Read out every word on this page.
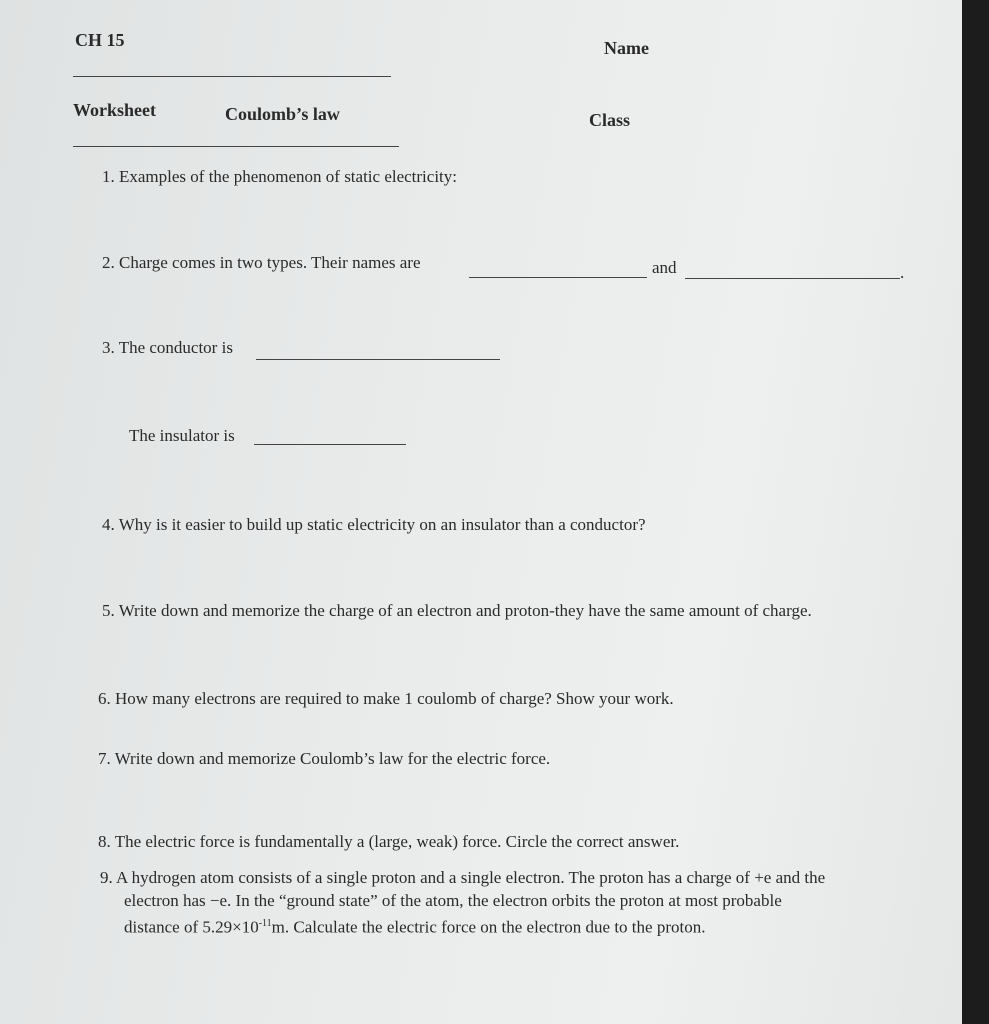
CH 15	Name
Worksheet	Coulomb’s law	Class
1. Examples of the phenomenon of static electricity:
2. Charge comes in two types. Their names are	and	.
3. The conductor is
The insulator is
4. Why is it easier to build up static electricity on an insulator than a conductor?
5. Write down and memorize the charge of an electron and proton-they have the same amount of charge.
6. How many electrons are required to make 1 coulomb of charge? Show your work.
7. Write down and memorize Coulomb’s law for the electric force.
8. The electric force is fundamentally a (large, weak) force. Circle the correct answer.
9. A hydrogen atom consists of a single proton and a single electron. The proton has a charge of +e and the
electron has −e. In the “ground state” of the atom, the electron orbits the proton at most probable
distance of $5.29\times 10^{-11}m$. Calculate the electric force on the electron due to the proton.
